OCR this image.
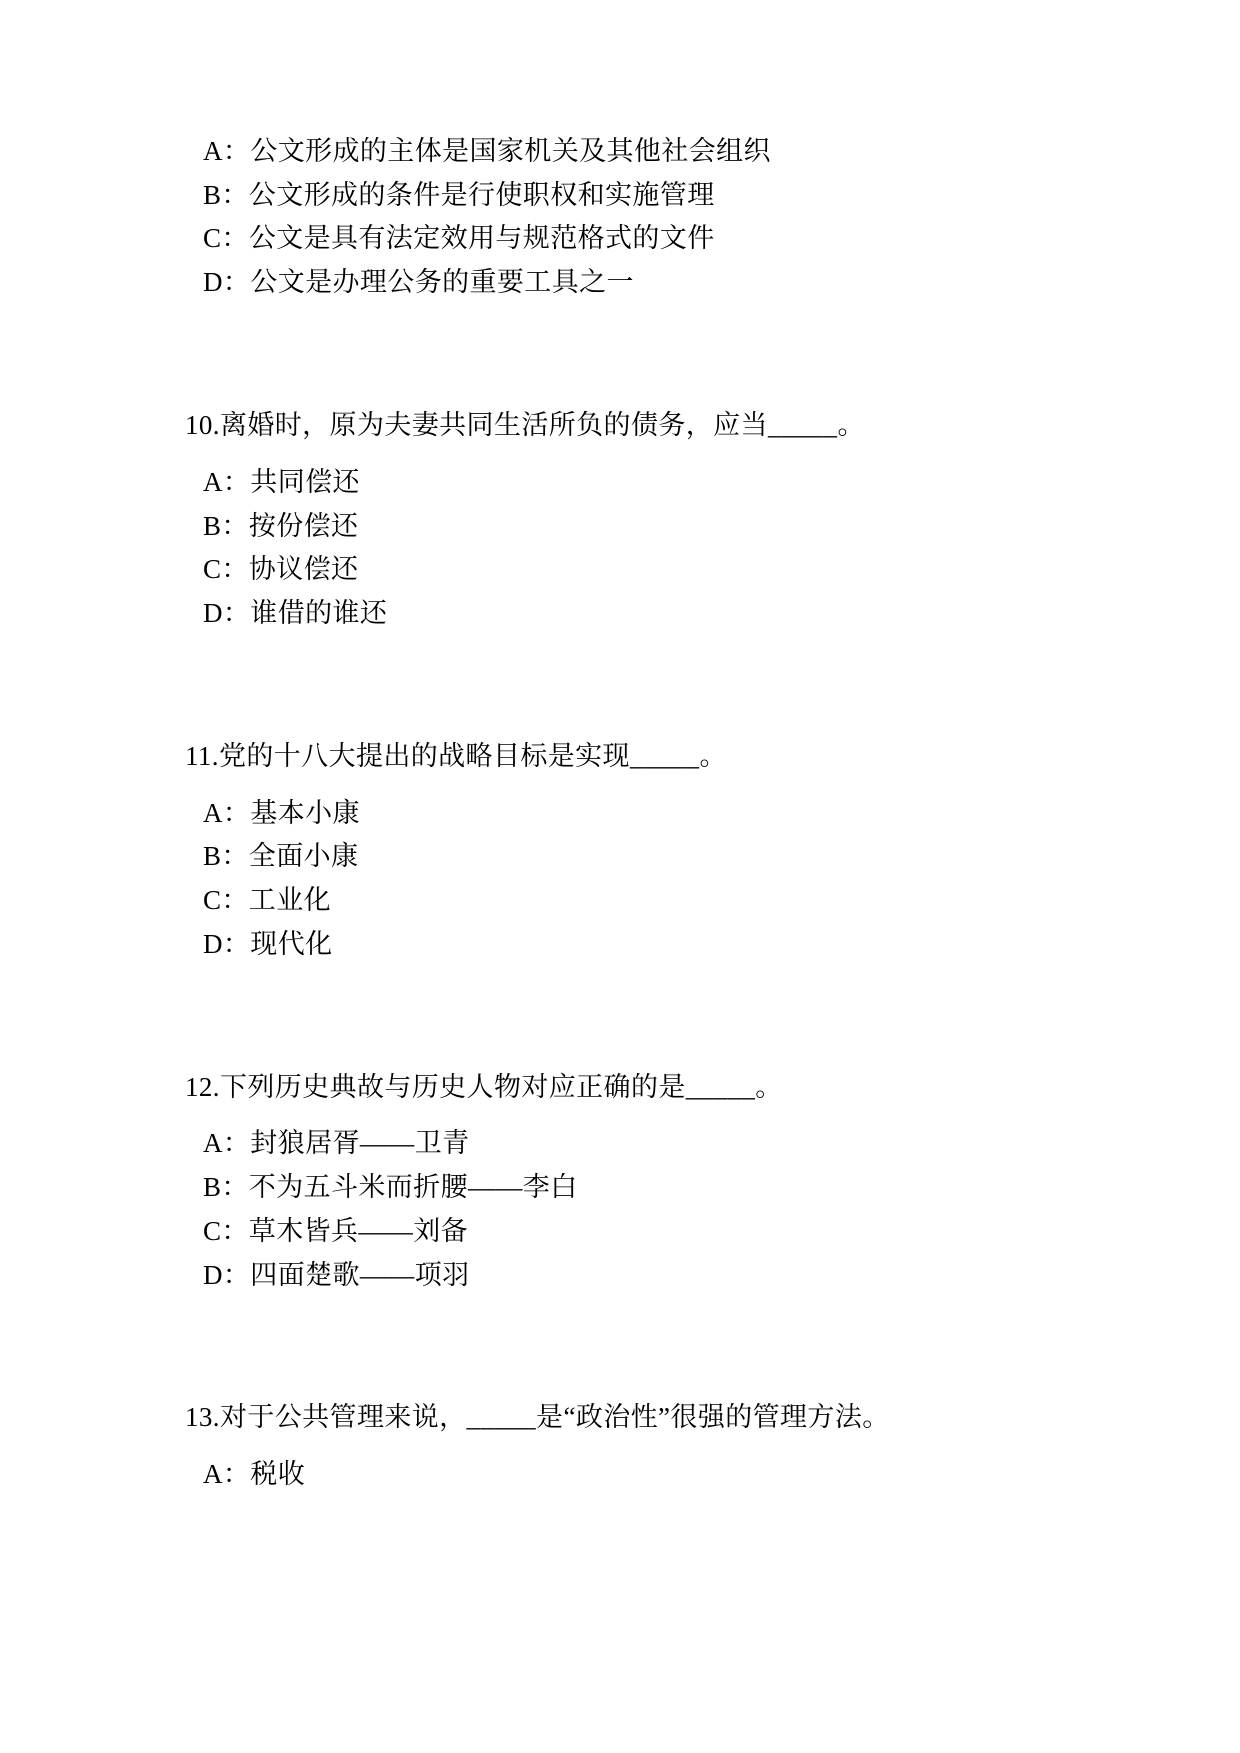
A：公文形成的主体是国家机关及其他社会组织
B：公文形成的条件是行使职权和实施管理
C：公文是具有法定效用与规范格式的文件
D：公文是办理公务的重要工具之一
10.离婚时，原为夫妻共同生活所负的债务，应当_____。
A：共同偿还
B：按份偿还
C：协议偿还
D：谁借的谁还
11.党的十八大提出的战略目标是实现_____。
A：基本小康
B：全面小康
C：工业化
D：现代化
12.下列历史典故与历史人物对应正确的是_____。
A：封狼居胥——卫青
B：不为五斗米而折腰——李白
C：草木皆兵——刘备
D：四面楚歌——项羽
13.对于公共管理来说，_____是“政治性”很强的管理方法。
A：税收
